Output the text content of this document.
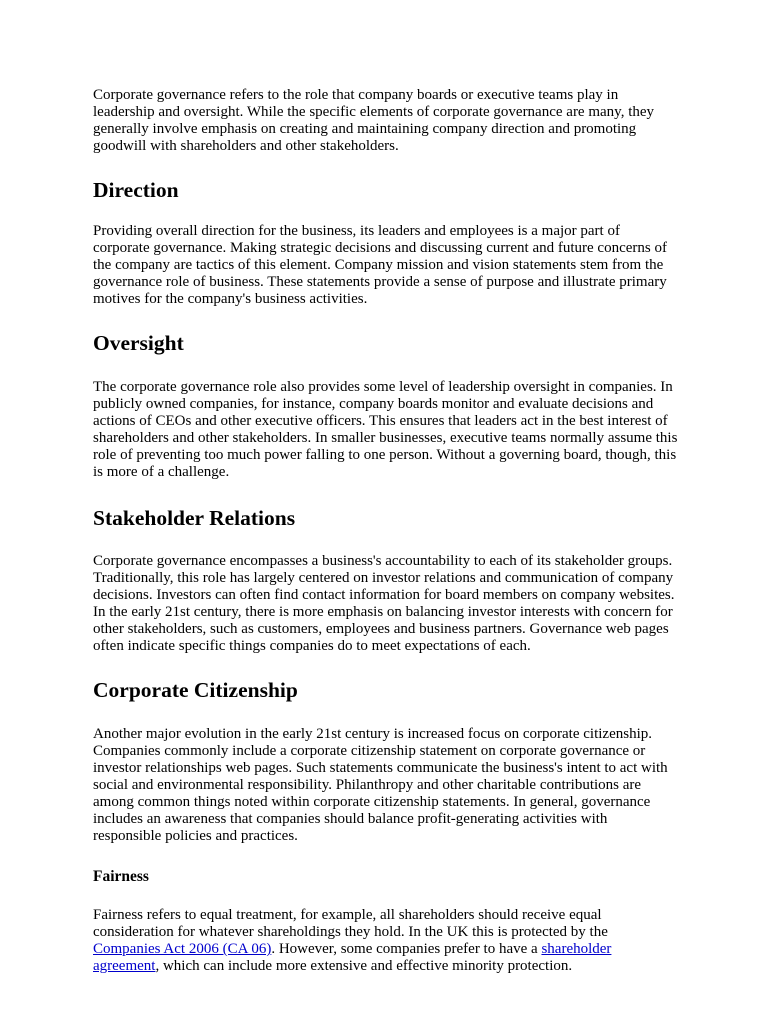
Corporate governance refers to the role that company boards or executive teams play in leadership and oversight. While the specific elements of corporate governance are many, they generally involve emphasis on creating and maintaining company direction and promoting goodwill with shareholders and other stakeholders.

Direction

Providing overall direction for the business, its leaders and employees is a major part of corporate governance. Making strategic decisions and discussing current and future concerns of the company are tactics of this element. Company mission and vision statements stem from the governance role of business. These statements provide a sense of purpose and illustrate primary motives for the company's business activities.

Oversight

The corporate governance role also provides some level of leadership oversight in companies. In publicly owned companies, for instance, company boards monitor and evaluate decisions and actions of CEOs and other executive officers. This ensures that leaders act in the best interest of shareholders and other stakeholders. In smaller businesses, executive teams normally assume this role of preventing too much power falling to one person. Without a governing board, though, this is more of a challenge.

Stakeholder Relations

Corporate governance encompasses a business's accountability to each of its stakeholder groups. Traditionally, this role has largely centered on investor relations and communication of company decisions. Investors can often find contact information for board members on company websites. In the early 21st century, there is more emphasis on balancing investor interests with concern for other stakeholders, such as customers, employees and business partners. Governance web pages often indicate specific things companies do to meet expectations of each.

Corporate Citizenship

Another major evolution in the early 21st century is increased focus on corporate citizenship. Companies commonly include a corporate citizenship statement on corporate governance or investor relationships web pages. Such statements communicate the business's intent to act with social and environmental responsibility. Philanthropy and other charitable contributions are among common things noted within corporate citizenship statements. In general, governance includes an awareness that companies should balance profit-generating activities with responsible policies and practices.

Fairness

Fairness refers to equal treatment, for example, all shareholders should receive equal consideration for whatever shareholdings they hold. In the UK this is protected by the Companies Act 2006 (CA 06). However, some companies prefer to have a shareholder agreement, which can include more extensive and effective minority protection.
